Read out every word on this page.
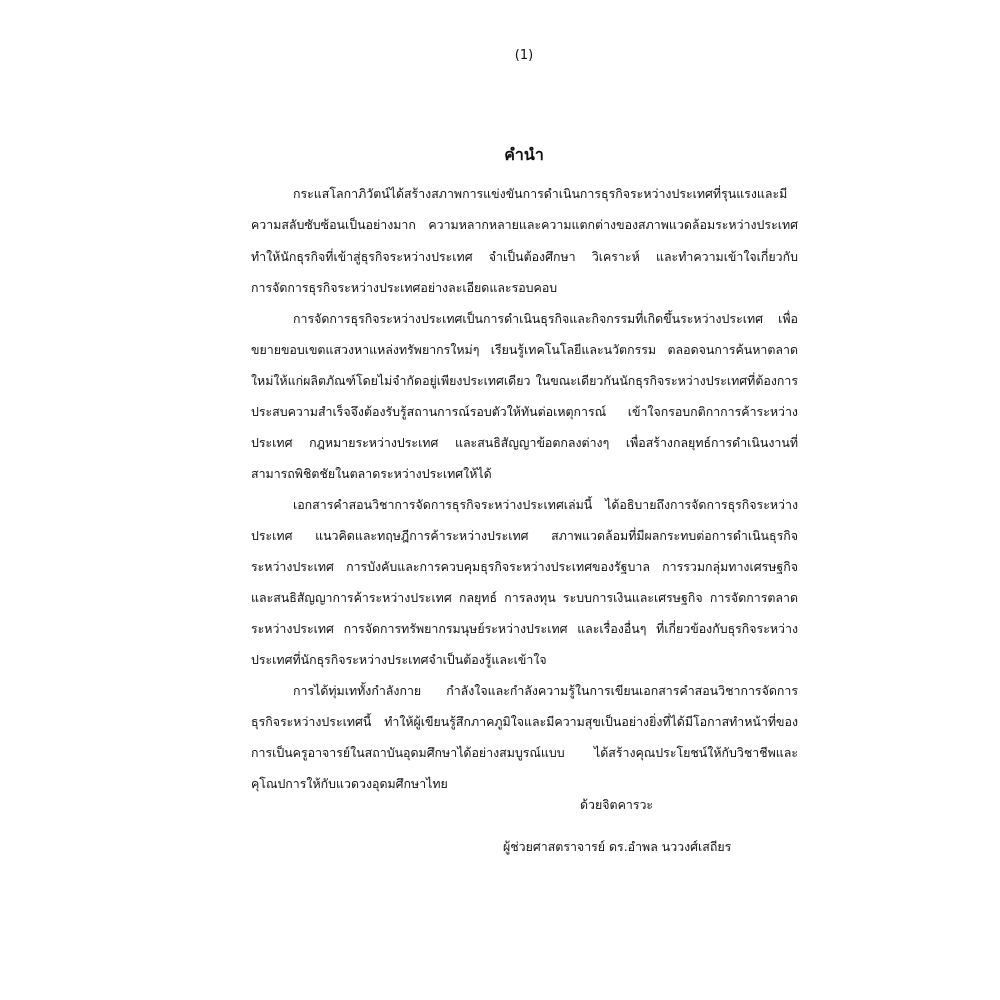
(1)
คำนำ
กระแสโลกาภิวัตน์ได้สร้างสภาพการแข่งขันการดำเนินการธุรกิจระหว่างประเทศที่รุนแรงและมี
ความสลับซับซ้อนเป็นอย่างมาก ความหลากหลายและความแตกต่างของสภาพแวดล้อมระหว่างประเทศ
ทำให้นักธุรกิจที่เข้าสู่ธุรกิจระหว่างประเทศ จำเป็นต้องศึกษา วิเคราะห์ และทำความเข้าใจเกี่ยวกับ
การจัดการธุรกิจระหว่างประเทศอย่างละเอียดและรอบคอบ
การจัดการธุรกิจระหว่างประเทศเป็นการดำเนินธุรกิจและกิจกรรมที่เกิดขึ้นระหว่างประเทศ เพื่อ
ขยายขอบเขตแสวงหาแหล่งทรัพยากรใหม่ๆ เรียนรู้เทคโนโลยีและนวัตกรรม ตลอดจนการค้นหาตลาด
ใหม่ให้แก่ผลิตภัณฑ์โดยไม่จำกัดอยู่เพียงประเทศเดียว ในขณะเดียวกันนักธุรกิจระหว่างประเทศที่ต้องการ
ประสบความสำเร็จจึงต้องรับรู้สถานการณ์รอบตัวให้ทันต่อเหตุการณ์ เข้าใจกรอบกติกาการค้าระหว่าง
ประเทศ กฎหมายระหว่างประเทศ และสนธิสัญญาข้อตกลงต่างๆ เพื่อสร้างกลยุทธ์การดำเนินงานที่
สามารถพิชิตชัยในตลาดระหว่างประเทศให้ได้
เอกสารคำสอนวิชาการจัดการธุรกิจระหว่างประเทศเล่มนี้ ได้อธิบายถึงการจัดการธุรกิจระหว่าง
ประเทศ แนวคิดและทฤษฎีการค้าระหว่างประเทศ สภาพแวดล้อมที่มีผลกระทบต่อการดำเนินธุรกิจ
ระหว่างประเทศ การบังคับและการควบคุมธุรกิจระหว่างประเทศของรัฐบาล การรวมกลุ่มทางเศรษฐกิจ
และสนธิสัญญาการค้าระหว่างประเทศ กลยุทธ์ การลงทุน ระบบการเงินและเศรษฐกิจ การจัดการตลาด
ระหว่างประเทศ การจัดการทรัพยากรมนุษย์ระหว่างประเทศ และเรื่องอื่นๆ ที่เกี่ยวข้องกับธุรกิจระหว่าง
ประเทศที่นักธุรกิจระหว่างประเทศจำเป็นต้องรู้และเข้าใจ
การได้ทุ่มเททั้งกำลังกาย กำลังใจและกำลังความรู้ในการเขียนเอกสารคำสอนวิชาการจัดการ
ธุรกิจระหว่างประเทศนี้ ทำให้ผู้เขียนรู้สึกภาคภูมิใจและมีความสุขเป็นอย่างยิ่งที่ได้มีโอกาสทำหน้าที่ของ
การเป็นครูอาจารย์ในสถาบันอุดมศึกษาได้อย่างสมบูรณ์แบบ ได้สร้างคุณประโยชน์ให้กับวิชาชีพและ
คุโณปการให้กับแวดวงอุดมศึกษาไทย
ด้วยจิตคารวะ
ผู้ช่วยศาสตราจารย์ ดร.อำพล นววงศ์เสถียร
